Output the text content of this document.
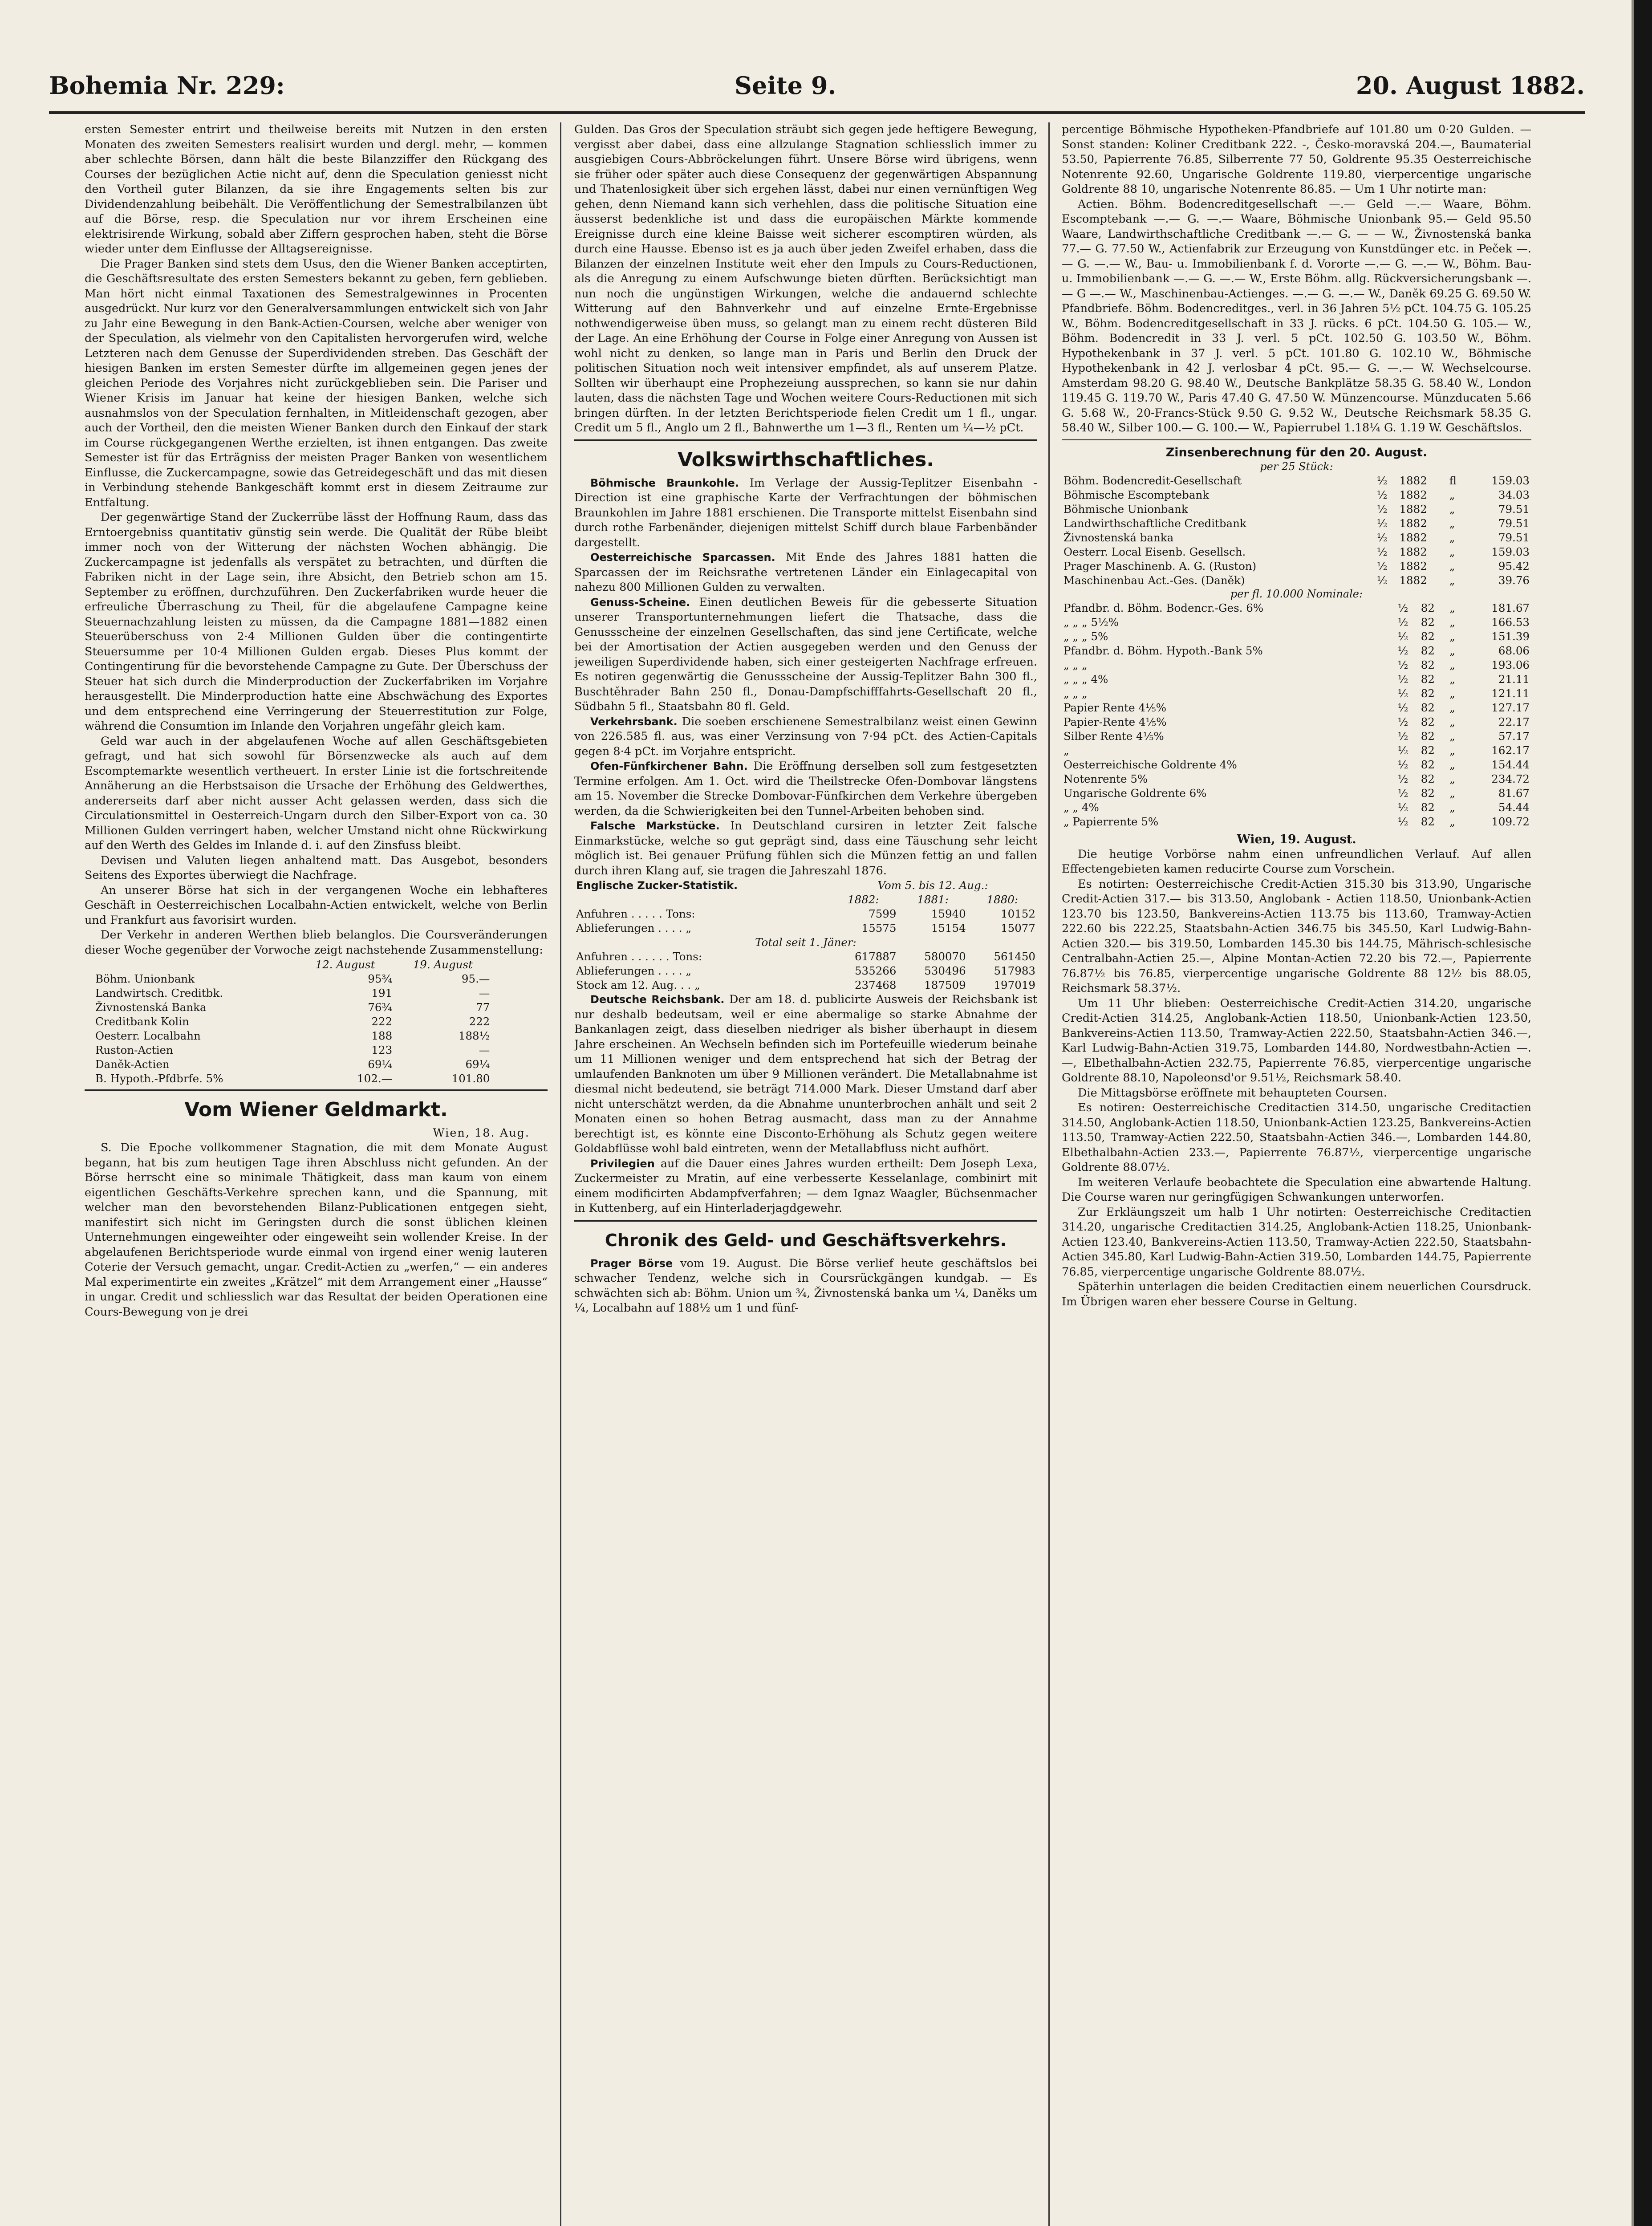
Bohemia Nr. 229:	Seite 9.	20. August 1882.

ersten Semester entrirt und theilweise bereits mit Nutzen in den ersten Monaten des zweiten Semesters realisirt wurden und dergl. mehr, — kommen aber schlechte Börsen, dann hält die beste Bilanzziffer den Rückgang des Courses der bezüglichen Actie nicht auf, denn die Speculation geniesst nicht den Vortheil guter Bilanzen, da sie ihre Engagements selten bis zur Dividendenzahlung beibehält. Die Veröffentlichung der Semestralbilanzen übt auf die Börse, resp. die Speculation nur vor ihrem Erscheinen eine elektrisirende Wirkung, sobald aber Ziffern gesprochen haben, steht die Börse wieder unter dem Einflusse der Alltagsereignisse.

Die Prager Banken sind stets dem Usus, den die Wiener Banken acceptirten, die Geschäftsresultate des ersten Semesters bekannt zu geben, fern geblieben. Man hört nicht einmal Taxationen des Semestralgewinnes in Procenten ausgedrückt. Nur kurz vor den Generalversammlungen entwickelt sich von Jahr zu Jahr eine Bewegung in den Bank-Actien-Coursen, welche aber weniger von der Speculation, als vielmehr von den Capitalisten hervorgerufen wird, welche Letzteren nach dem Genusse der Superdividenden streben. Das Geschäft der hiesigen Banken im ersten Semester dürfte im allgemeinen gegen jenes der gleichen Periode des Vorjahres nicht zurückgeblieben sein. Die Pariser und Wiener Krisis im Januar hat keine der hiesigen Banken, welche sich ausnahmslos von der Speculation fernhalten, in Mitleidenschaft gezogen, aber auch der Vortheil, den die meisten Wiener Banken durch den Einkauf der stark im Course rückgegangenen Werthe erzielten, ist ihnen entgangen. Das zweite Semester ist für das Erträgniss der meisten Prager Banken von wesentlichem Einflusse, die Zuckercampagne, sowie das Getreidegeschäft und das mit diesen in Verbindung stehende Bankgeschäft kommt erst in diesem Zeitraume zur Entfaltung.

Der gegenwärtige Stand der Zuckerrübe lässt der Hoffnung Raum, dass das Erntoergebniss quantitativ günstig sein werde. Die Qualität der Rübe bleibt immer noch von der Witterung der nächsten Wochen abhängig. Die Zuckercampagne ist jedenfalls als verspätet zu betrachten, und dürften die Fabriken nicht in der Lage sein, ihre Absicht, den Betrieb schon am 15. September zu eröffnen, durchzuführen. Den Zuckerfabriken wurde heuer die erfreuliche Überraschung zu Theil, für die abgelaufene Campagne keine Steuernachzahlung leisten zu müssen, da die Campagne 1881—1882 einen Steuerüberschuss von 2·4 Millionen Gulden über die contingentirte Steuersumme per 10·4 Millionen Gulden ergab. Dieses Plus kommt der Contingentirung für die bevorstehende Campagne zu Gute. Der Überschuss der Steuer hat sich durch die Minderproduction der Zuckerfabriken im Vorjahre herausgestellt. Die Minderproduction hatte eine Abschwächung des Exportes und dem entsprechend eine Verringerung der Steuerrestitution zur Folge, während die Consumtion im Inlande den Vorjahren ungefähr gleich kam.

Geld war auch in der abgelaufenen Woche auf allen Geschäftsgebieten gefragt, und hat sich sowohl für Börsenzwecke als auch auf dem Escomptemarkte wesentlich vertheuert. In erster Linie ist die fortschreitende Annäherung an die Herbstsaison die Ursache der Erhöhung des Geldwerthes, andererseits darf aber nicht ausser Acht gelassen werden, dass sich die Circulationsmittel in Oesterreich-Ungarn durch den Silber-Export von ca. 30 Millionen Gulden verringert haben, welcher Umstand nicht ohne Rückwirkung auf den Werth des Geldes im Inlande d. i. auf den Zinsfuss bleibt.

Devisen und Valuten liegen anhaltend matt. Das Ausgebot, besonders Seitens des Exportes überwiegt die Nachfrage.

An unserer Börse hat sich in der vergangenen Woche ein lebhafteres Geschäft in Oesterreichischen Localbahn-Actien entwickelt, welche von Berlin und Frankfurt aus favorisirt wurden.

Der Verkehr in anderen Werthen blieb belanglos. Die Coursveränderungen dieser Woche gegenüber der Vorwoche zeigt nachstehende Zusammenstellung:

	12. August	19. August
Böhm. Unionbank	95¾	95.—
Landwirtsch. Creditbk.	191	—
Živnostenská Banka	76¾	77
Creditbank Kolin	222	222
Oesterr. Localbahn	188	188½
Ruston-Actien	123	—
Daněk-Actien	69¼	69¼
B. Hypoth.-Pfdbrfe. 5%	102.—	101.80
Vom Wiener Geldmarkt.
Wien, 18. Aug.

S. Die Epoche vollkommener Stagnation, die mit dem Monate August begann, hat bis zum heutigen Tage ihren Abschluss nicht gefunden. An der Börse herrscht eine so minimale Thätigkeit, dass man kaum von einem eigentlichen Geschäfts-Verkehre sprechen kann, und die Spannung, mit welcher man den bevorstehenden Bilanz-Publicationen entgegen sieht, manifestirt sich nicht im Geringsten durch die sonst üblichen kleinen Unternehmungen eingeweihter oder eingeweiht sein wollender Kreise. In der abgelaufenen Berichtsperiode wurde einmal von irgend einer wenig lauteren Coterie der Versuch gemacht, ungar. Credit-Actien zu „werfen,“ — ein anderes Mal experimentirte ein zweites „Krätzel“ mit dem Arrangement einer „Hausse“ in ungar. Credit und schliesslich war das Resultat der beiden Operationen eine Cours-Bewegung von je drei

Gulden. Das Gros der Speculation sträubt sich gegen jede heftigere Bewegung, vergisst aber dabei, dass eine allzulange Stagnation schliesslich immer zu ausgiebigen Cours-Abbröckelungen führt. Unsere Börse wird übrigens, wenn sie früher oder später auch diese Consequenz der gegenwärtigen Abspannung und Thatenlosigkeit über sich ergehen lässt, dabei nur einen vernünftigen Weg gehen, denn Niemand kann sich verhehlen, dass die politische Situation eine äusserst bedenkliche ist und dass die europäischen Märkte kommende Ereignisse durch eine kleine Baisse weit sicherer escomptiren würden, als durch eine Hausse. Ebenso ist es ja auch über jeden Zweifel erhaben, dass die Bilanzen der einzelnen Institute weit eher den Impuls zu Cours-Reductionen, als die Anregung zu einem Aufschwunge bieten dürften. Berücksichtigt man nun noch die ungünstigen Wirkungen, welche die andauernd schlechte Witterung auf den Bahnverkehr und auf einzelne Ernte-Ergebnisse nothwendigerweise üben muss, so gelangt man zu einem recht düsteren Bild der Lage. An eine Erhöhung der Course in Folge einer Anregung von Aussen ist wohl nicht zu denken, so lange man in Paris und Berlin den Druck der politischen Situation noch weit intensiver empfindet, als auf unserem Platze. Sollten wir überhaupt eine Prophezeiung aussprechen, so kann sie nur dahin lauten, dass die nächsten Tage und Wochen weitere Cours-Reductionen mit sich bringen dürften. In der letzten Berichtsperiode fielen Credit um 1 fl., ungar. Credit um 5 fl., Anglo um 2 fl., Bahnwerthe um 1—3 fl., Renten um ¼—½ pCt.

Volkswirthschaftliches.

Böhmische Braunkohle. Im Verlage der Aussig-Teplitzer Eisenbahn - Direction ist eine graphische Karte der Verfrachtungen der böhmischen Braunkohlen im Jahre 1881 erschienen. Die Transporte mittelst Eisenbahn sind durch rothe Farbenänder, diejenigen mittelst Schiff durch blaue Farbenbänder dargestellt.

Oesterreichische Sparcassen. Mit Ende des Jahres 1881 hatten die Sparcassen der im Reichsrathe vertretenen Länder ein Einlagecapital von nahezu 800 Millionen Gulden zu verwalten.

Genuss-Scheine. Einen deutlichen Beweis für die gebesserte Situation unserer Transportunternehmungen liefert die Thatsache, dass die Genussscheine der einzelnen Gesellschaften, das sind jene Certificate, welche bei der Amortisation der Actien ausgegeben werden und den Genuss der jeweiligen Superdividende haben, sich einer gesteigerten Nachfrage erfreuen. Es notiren gegenwärtig die Genussscheine der Aussig-Teplitzer Bahn 300 fl., Buschtěhrader Bahn 250 fl., Donau-Dampfschifffahrts-Gesellschaft 20 fl., Südbahn 5 fl., Staatsbahn 80 fl. Geld.

Verkehrsbank. Die soeben erschienene Semestralbilanz weist einen Gewinn von 226.585 fl. aus, was einer Verzinsung von 7·94 pCt. des Actien-Capitals gegen 8·4 pCt. im Vorjahre entspricht.

Ofen-Fünfkirchener Bahn. Die Eröffnung derselben soll zum festgesetzten Termine erfolgen. Am 1. Oct. wird die Theilstrecke Ofen-Dombovar längstens am 15. November die Strecke Dombovar-Fünfkirchen dem Verkehre übergeben werden, da die Schwierigkeiten bei den Tunnel-Arbeiten behoben sind.

Falsche Markstücke. In Deutschland cursiren in letzter Zeit falsche Einmarkstücke, welche so gut geprägt sind, dass eine Täuschung sehr leicht möglich ist. Bei genauer Prüfung fühlen sich die Münzen fettig an und fallen durch ihren Klang auf, sie tragen die Jahreszahl 1876.

Englische Zucker-Statistik.	Vom 5. bis 12. Aug.:		
	1882:	1881:	1880:
Anfuhren . . . . . Tons:	7599	15940	10152
Ablieferungen . . . . „	15575	15154	15077
Total seit 1. Jäner:			
Anfuhren . . . . . . Tons:	617887	580070	561450
Ablieferungen . . . . „	535266	530496	517983
Stock am 12. Aug. . . „	237468	187509	197019

Deutsche Reichsbank. Der am 18. d. publicirte Ausweis der Reichsbank ist nur deshalb bedeutsam, weil er eine abermalige so starke Abnahme der Bankanlagen zeigt, dass dieselben niedriger als bisher überhaupt in diesem Jahre erscheinen. An Wechseln befinden sich im Portefeuille wiederum beinahe um 11 Millionen weniger und dem entsprechend hat sich der Betrag der umlaufenden Banknoten um über 9 Millionen verändert. Die Metallabnahme ist diesmal nicht bedeutend, sie beträgt 714.000 Mark. Dieser Umstand darf aber nicht unterschätzt werden, da die Abnahme ununterbrochen anhält und seit 2 Monaten einen so hohen Betrag ausmacht, dass man zu der Annahme berechtigt ist, es könnte eine Disconto-Erhöhung als Schutz gegen weitere Goldabflüsse wohl bald eintreten, wenn der Metallabfluss nicht aufhört.

Privilegien auf die Dauer eines Jahres wurden ertheilt: Dem Joseph Lexa, Zuckermeister zu Mratin, auf eine verbesserte Kesselanlage, combinirt mit einem modificirten Abdampfverfahren; — dem Ignaz Waagler, Büchsenmacher in Kuttenberg, auf ein Hinterladerjagdgewehr.

Chronik des Geld- und Geschäftsverkehrs.

Prager Börse vom 19. August. Die Börse verlief heute geschäftslos bei schwacher Tendenz, welche sich in Coursrückgängen kundgab. — Es schwächten sich ab: Böhm. Union um ¾, Živnostenská banka um ¼, Daněks um ¼, Localbahn auf 188½ um 1 und fünf-

percentige Böhmische Hypotheken-Pfandbriefe auf 101.80 um 0·20 Gulden. — Sonst standen: Koliner Creditbank 222. -, Česko-moravská 204.—, Baumaterial 53.50, Papierrente 76.85, Silberrente 77 50, Goldrente 95.35 Oesterreichische Notenrente 92.60, Ungarische Goldrente 119.80, vierpercentige ungarische Goldrente 88 10, ungarische Notenrente 86.85. — Um 1 Uhr notirte man:

Actien. Böhm. Bodencreditgesellschaft —.— Geld —.— Waare, Böhm. Escomptebank —.— G. —.— Waare, Böhmische Unionbank 95.— Geld 95.50 Waare, Landwirthschaftliche Creditbank —.— G. — — W., Živnostenská banka 77.— G. 77.50 W., Actienfabrik zur Erzeugung von Kunstdünger etc. in Peček —.— G. —.— W., Bau- u. Immobilienbank f. d. Vororte —.— G. —.— W., Böhm. Bau- u. Immobilienbank —.— G. —.— W., Erste Böhm. allg. Rückversicherungsbank —.— G —.— W., Maschinenbau-Actienges. —.— G. —.— W., Daněk 69.25 G. 69.50 W. Pfandbriefe. Böhm. Bodencreditges., verl. in 36 Jahren 5½ pCt. 104.75 G. 105.25 W., Böhm. Bodencreditgesellschaft in 33 J. rücks. 6 pCt. 104.50 G. 105.— W., Böhm. Bodencredit in 33 J. verl. 5 pCt. 102.50 G. 103.50 W., Böhm. Hypothekenbank in 37 J. verl. 5 pCt. 101.80 G. 102.10 W., Böhmische Hypothekenbank in 42 J. verlosbar 4 pCt. 95.— G. —.— W. Wechselcourse. Amsterdam 98.20 G. 98.40 W., Deutsche Bankplätze 58.35 G. 58.40 W., London 119.45 G. 119.70 W., Paris 47.40 G. 47.50 W. Münzencourse. Münzducaten 5.66 G. 5.68 W., 20-Francs-Stück 9.50 G. 9.52 W., Deutsche Reichsmark 58.35 G. 58.40 W., Silber 100.— G. 100.— W., Papierrubel 1.18¼ G. 1.19 W. Geschäftslos.

Zinsenberechnung für den 20. August.
per 25 Stück:
Böhm. Bodencredit-Gesellschaft	½	1882	fl	159.03
Böhmische Escomptebank	½	1882	„	34.03
Böhmische Unionbank	½	1882	„	79.51
Landwirthschaftliche Creditbank	½	1882	„	79.51
Živnostenská banka	½	1882	„	79.51
Oesterr. Local Eisenb. Gesellsch.	½	1882	„	159.03
Prager Maschinenb. A. G. (Ruston)	½	1882	„	95.42
Maschinenbau Act.-Ges. (Daněk)	½	1882	„	39.76
per fl. 10.000 Nominale:
Pfandbr. d. Böhm. Bodencr.-Ges. 6%	½	82	„	181.67
„ „ „ 5½%	½	82	„	166.53
„ „ „ 5%	½	82	„	151.39
Pfandbr. d. Böhm. Hypoth.-Bank 5%	½	82	„	68.06
„ „ „	½	82	„	193.06
„ „ „ 4%	½	82	„	21.11
„ „ „	½	82	„	121.11
Papier Rente 4⅕%	½	82	„	127.17
Papier-Rente 4⅕%	½	82	„	22.17
Silber Rente 4⅕%	½	82	„	57.17
„	½	82	„	162.17
Oesterreichische Goldrente 4%	½	82	„	154.44
Notenrente 5%	½	82	„	234.72
Ungarische Goldrente 6%	½	82	„	81.67
„ „ 4%	½	82	„	54.44
„ Papierrente 5%	½	82	„	109.72
Wien, 19. August.

Die heutige Vorbörse nahm einen unfreundlichen Verlauf. Auf allen Effectengebieten kamen reducirte Course zum Vorschein.

Es notirten: Oesterreichische Credit-Actien 315.30 bis 313.90, Ungarische Credit-Actien 317.— bis 313.50, Anglobank - Actien 118.50, Unionbank-Actien 123.70 bis 123.50, Bankvereins-Actien 113.75 bis 113.60, Tramway-Actien 222.60 bis 222.25, Staatsbahn-Actien 346.75 bis 345.50, Karl Ludwig-Bahn-Actien 320.— bis 319.50, Lombarden 145.30 bis 144.75, Mährisch-schlesische Centralbahn-Actien 25.—, Alpine Montan-Actien 72.20 bis 72.—, Papierrente 76.87½ bis 76.85, vierpercentige ungarische Goldrente 88 12½ bis 88.05, Reichsmark 58.37½.

Um 11 Uhr blieben: Oesterreichische Credit-Actien 314.20, ungarische Credit-Actien 314.25, Anglobank-Actien 118.50, Unionbank-Actien 123.50, Bankvereins-Actien 113.50, Tramway-Actien 222.50, Staatsbahn-Actien 346.—, Karl Ludwig-Bahn-Actien 319.75, Lombarden 144.80, Nordwestbahn-Actien —.—, Elbethalbahn-Actien 232.75, Papierrente 76.85, vierpercentige ungarische Goldrente 88.10, Napoleonsd'or 9.51½, Reichsmark 58.40.

Die Mittagsbörse eröffnete mit behaupteten Coursen.

Es notiren: Oesterreichische Creditactien 314.50, ungarische Creditactien 314.50, Anglobank-Actien 118.50, Unionbank-Actien 123.25, Bankvereins-Actien 113.50, Tramway-Actien 222.50, Staatsbahn-Actien 346.—, Lombarden 144.80, Elbethalbahn-Actien 233.—, Papierrente 76.87½, vierpercentige ungarische Goldrente 88.07½.

Im weiteren Verlaufe beobachtete die Speculation eine abwartende Haltung. Die Course waren nur geringfügigen Schwankungen unterworfen.

Zur Erkläungszeit um halb 1 Uhr notirten: Oesterreichische Creditactien 314.20, ungarische Creditactien 314.25, Anglobank-Actien 118.25, Unionbank-Actien 123.40, Bankvereins-Actien 113.50, Tramway-Actien 222.50, Staatsbahn-Actien 345.80, Karl Ludwig-Bahn-Actien 319.50, Lombarden 144.75, Papierrente 76.85, vierpercentige ungarische Goldrente 88.07½.

Späterhin unterlagen die beiden Creditactien einem neuerlichen Coursdruck. Im Übrigen waren eher bessere Course in Geltung.
